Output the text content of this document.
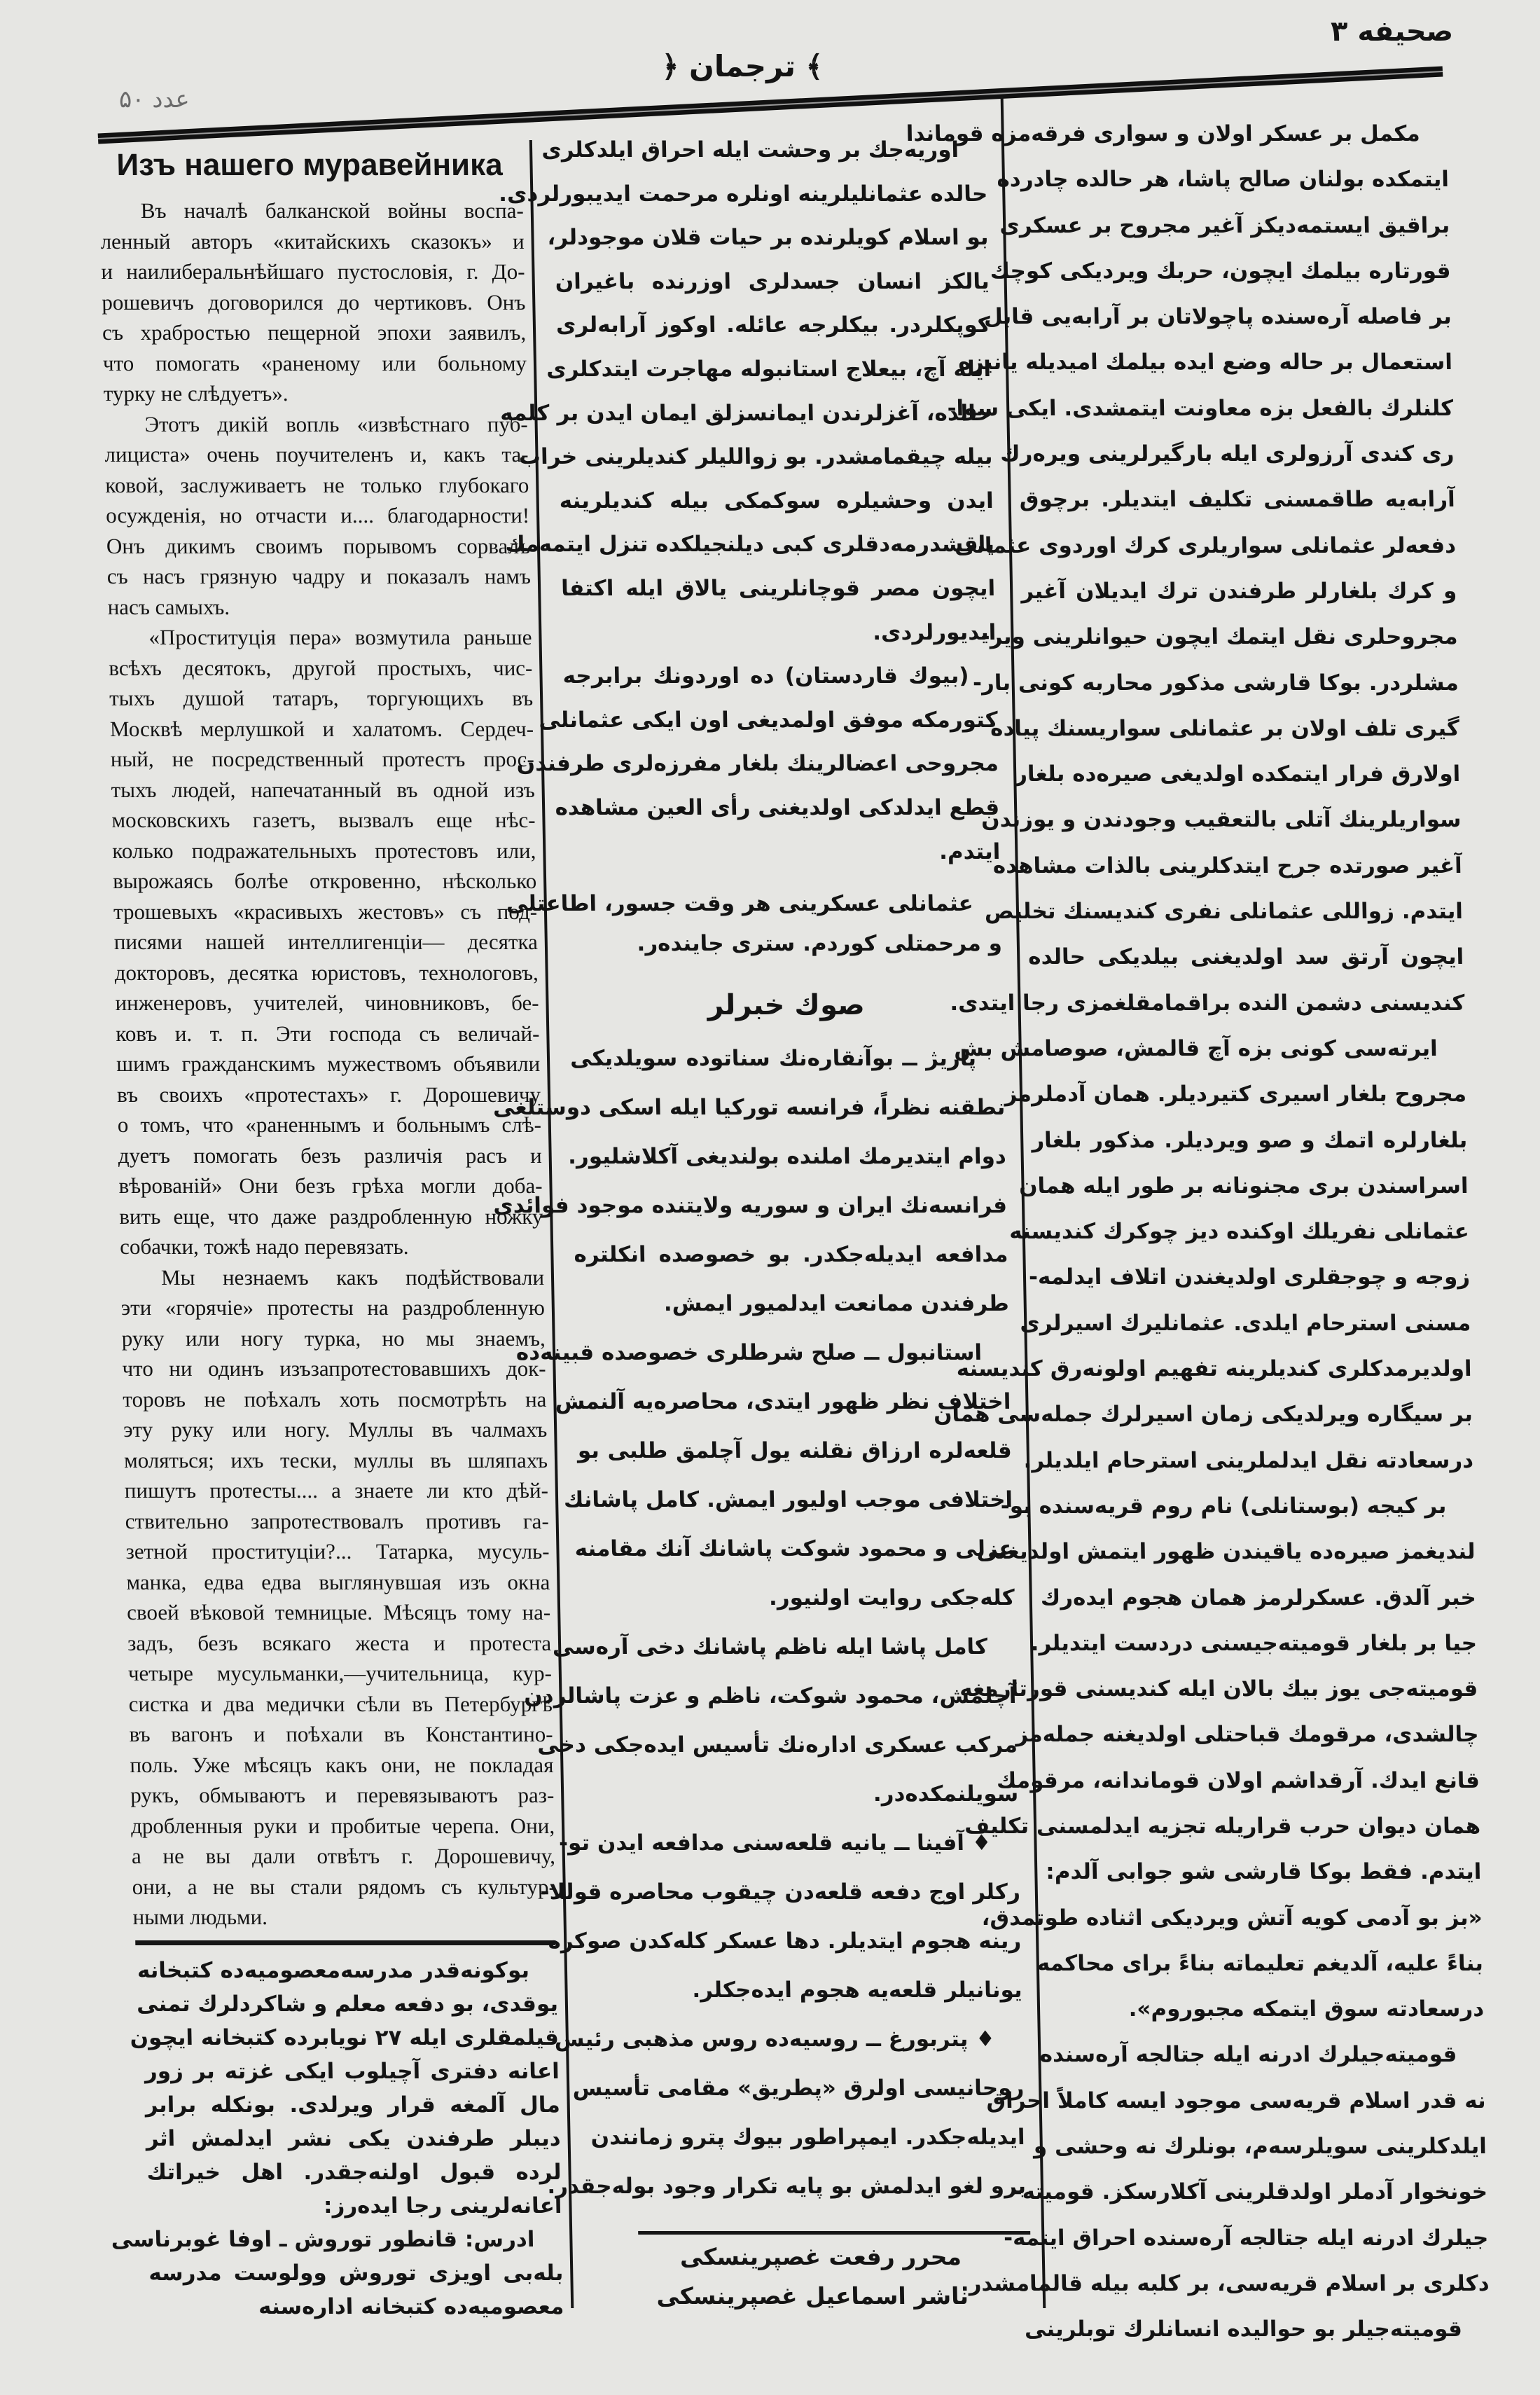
صحیفه ۳
﴾ ترجمان ﴿
عدد ۵۰
Изъ нашего муравейника
Въ началѣ балканской войны воспа-
ленный авторъ «китайскихъ сказокъ» и
и наилиберальнѣйшаго пустословія, г. До-
рошевичъ договорился до чертиковъ. Онъ
съ храбростью пещерной эпохи заявилъ,
что помогать «раненому или больному
турку не слѣдуетъ».
Этотъ дикій вопль «извѣстнаго пуб-
лициста» очень поучителенъ и, какъ та-
ковой, заслуживаетъ не только глубокаго
осужденія, но отчасти и.... благодарности!
Онъ дикимъ своимъ порывомъ сорвалъ
съ насъ грязную чадру и показалъ намъ
насъ самыхъ.
«Проституція пера» возмутила раньше
всѣхъ десятокъ, другой простыхъ, чис-
тыхъ душой татаръ, торгующихъ въ
Москвѣ мерлушкой и халатомъ. Сердеч-
ный, не посредственный протестъ прос-
тыхъ людей, напечатанный въ одной изъ
московскихъ газетъ, вызвалъ еще нѣс-
колько подражательныхъ протестовъ или,
вырожаясь болѣе откровенно, нѣсколько
трошевыхъ «красивыхъ жестовъ» съ под-
писями нашей интеллигенціи— десятка
докторовъ, десятка юристовъ, технологовъ,
инженеровъ, учителей, чиновниковъ, бе-
ковъ и. т. п. Эти господа съ величай-
шимъ гражданскимъ мужествомъ объявили
въ своихъ «протестахъ» г. Дорошевичу
о томъ, что «раненнымъ и больнымъ слѣ-
дуетъ помогать безъ различія расъ и
вѣрованій» Они безъ грѣха могли доба-
вить еще, что даже раздробленную ножку
собачки, тожѣ надо перевязать.
Мы незнаемъ какъ подѣйствовали
эти «горячіе» протесты на раздробленную
руку или ногу турка, но мы знаемъ,
что ни одинъ изъзапротестовавшихъ док-
торовъ не поѣхалъ хоть посмотрѣть на
эту руку или ногу. Муллы въ чалмахъ
моляться; ихъ тески, муллы въ шляпахъ
пишутъ протесты.... а знаете ли кто дѣй-
ствительно запротествовалъ противъ га-
зетной проституціи?... Татарка, мусуль-
манка, едва едва выглянувшая изъ окна
своей вѣковой темницые. Мѣсяцъ тому на-
задъ, безъ всякаго жеста и протеста
четыре мусульманки,—учительница, кур-
систка и два медички сѣли въ Петербургѣ
въ вагонъ и поѣхали въ Константино-
поль. Уже мѣсяцъ какъ они, не покладая
рукъ, обмываютъ и перевязываютъ раз-
дробленныя руки и пробитые черепа. Они,
а не вы дали отвѣтъ г. Дорошевичу,
они, а не вы стали рядомъ съ культур-
ными людьми.
بوكونه‌قدر مدرسه‌معصومیه‌ده كتبخانه
یوقدی، بو دفعه معلم و شاكردلرك تمنی
قیلمقلری ایله ۲۷ نویابرده كتبخانه ایچون
اعانه دفتری آچیلوب ایكی غزته بر زور
مال آلمغه قرار ویرلدی. بونكله برابر
دیبلر طرفندن یكی نشر ایدلمش اثر
لرده قبول اولنه‌جقدر. اهل خیراتك
اعانه‌لرینی رجا ایده‌رز:
ادرس: قانطور توروش ـ اوفا غوبرناسی
بله‌بی اویزی توروش وولوست مدرسه
معصومیه‌ده كتبخانه اداره‌سنه
اوریه‌جك بر وحشت ایله احراق ایلدكلری
حالده عثمانلیلرینه اونلره مرحمت ایدیبورلردی.
بو اسلام كویلرنده بر حیات قلان موجودلر،
یالكز انسان جسدلری اوزرنده باغیران
كوپكلردر. بیكلرجه عائله. اوكوز آرابه‌لری
ایله آچ، بیعلاج استانبوله مهاجرت ایتدكلری
حالده، آغزلرندن ایمانسزلق ایمان ایدن بر كلمه
بیله چیقمامشدر. بو زواللیلر كندیلرینی خراب
ایدن وحشیلره سوكمكی بیله كندیلرینه
یاقشدرمه‌دقلری كبی دیلنجیلكده تنزل ایتمه‌مك
ایچون مصر قوچانلرینی یالاق ایله اكتفا
ایدیورلردی.
(بیوك قاردستان) ده اوردونك برابرجه
كتورمكه موفق اولمدیغی اون ایكی عثمانلی
مجروحی اعضالرینك بلغار مفرزه‌لری طرفندن
قطع ایدلدكی اولدیغنی رأی العین مشاهده
ایتدم.
عثمانلی عسكرینی هر وقت جسور، اطاعتلی
و مرحمتلی كوردم. ستری جاینده‌ر.
صوك خبرلر
پاریژ ــ بوآنقاره‌نك سناتوده سویلدیكی
نطقنه نظراً، فرانسه توركیا ایله اسكی دوستلغی
دوام ایتدیرمك املنده بولندیغی آكلاشلیور.
فرانسه‌نك ایران و سوریه ولایتنده موجود فوائدی
مدافعه ایدیله‌جكدر. بو خصوصده انكلتره
طرفندن ممانعت ایدلمیور ایمش.
استانبول ــ صلح شرطلری خصوصده قبینه‌ده
اختلاف نظر ظهور ایتدی، محاصره‌یه آلنمش
قلعه‌لره ارزاق نقلنه یول آچلمق طلبی بو
اختلافی موجب اولیور ایمش. كامل پاشانك
عزلی و محمود شوكت پاشانك آنك مقامنه
كله‌جكی روایت اولنیور.
كامل پاشا ایله ناظم پاشانك دخی آره‌سی
آچلمش، محمود شوكت، ناظم و عزت پاشالردن
مركب عسكری اداره‌نك تأسیس ایده‌جكی دخی
سویلنمكده‌در.
♦ آفینا ــ یانیه قلعه‌سنی مدافعه ایدن تو-
ركلر اوج دفعه قلعه‌دن چیقوب محاصره قوللا-
رینه هجوم ایتدیلر. دها عسكر كله‌كدن صوكره
یونانیلر قلعه‌یه هجوم ایده‌جكلر.
♦ پتربورغ ــ روسیه‌ده روس مذهبی رئیس
روحانیسی اولرق «پطریق» مقامی تأسیس
ایدیله‌جكدر. ایمپراطور بیوك پترو زمانندن
برو لغو ایدلمش بو پایه تكرار وجود بوله‌جقدر.
محرر رفعت غصپرینسكی
ناشر اسماعیل غصپرینسكی
مكمل بر عسكر اولان و سواری فرقه‌مزه قوماندا
ایتمكده بولنان صالح پاشا، هر حالده چادرده
براقیق ایستمه‌دیكز آغیر مجروح بر عسكری
قورتاره بیلمك ایچون، حربك ویردیكی كوچك
بر فاصله آره‌سنده پاچولاتان بر آرابه‌یی قابل
استعمال بر حاله وضع ایده بیلمك امیدیله یانیزه
كلنلرك بالفعل بزه معاونت ایتمشدی. ایكی سوا-
ری كندی آرزولری ایله بارگیرلرینی ویره‌رك
آرابه‌یه طاقمسنی تكلیف ایتدیلر. برچوق
دفعه‌لر عثمانلی سواریلری كرك اوردوی عثمانی
و كرك بلغارلر طرفندن ترك ایدیلان آغیر
مجروحلری نقل ایتمك ایچون حیوانلرینی ویر-
مشلردر. بوكا قارشی مذكور محاربه كونی بار-
گیری تلف اولان بر عثمانلی سواریسنك پیاده
اولارق فرار ایتمكده اولدیغی صیره‌ده بلغار
سواریلرینك آتلی بالتعقیب وجودندن و یوزندن
آغیر صورتده جرح ایتدكلرینی بالذات مشاهده
ایتدم. زواللی عثمانلی نفری كندیسنك تخلیص
ایچون آرتق سد اولدیغنی بیلدیكی حالده
كندیسنی دشمن النده براقمامقلغمزی رجا ایتدی.
ایرته‌سی كونی بزه آچ قالمش، صوصامش بش
مجروح بلغار اسیری كتیردیلر. همان آدملرمز
بلغارلره اتمك و صو ویردیلر. مذكور بلغار
اسراسندن بری مجنونانه بر طور ایله همان
عثمانلی نفریلك اوكنده دیز چوكرك كندیسنه
زوجه و چوجقلری اولدیغندن اتلاف ایدلمه-
مسنی استرحام ایلدی. عثمانلیرك اسیرلری
اولدیرمدكلری كندیلرینه تفهیم اولونه‌رق كندیسنه
بر سیگاره ویرلدیكی زمان اسیرلرك جمله‌سی همان
درسعادته نقل ایدلملرینی استرحام ایلدیلر.
بر كیجه (بوستانلی) نام روم قریه‌سنده بو-
لندیغمز صیره‌ده یاقیندن ظهور ایتمش اولدیغنی
خبر آلدق. عسكرلرمز همان هجوم ایده‌رك
جیا بر بلغار قومیته‌جیسنی دردست ایتدیلر.
قومیته‌جی یوز بیك بالان ایله كندیسنی قورتارمغه
چالشدی، مرقومك قباحتلی اولدیغنه جمله‌مز
قانع ایدك. آرقداشم اولان قوماندانه، مرقومك
همان دیوان حرب قراریله تجزیه ایدلمسنی تكلیف
ایتدم. فقط بوكا قارشی شو جوابی آلدم:
«بز بو آدمی كویه آتش ویردیكی اثناده طوتمدق،
بناءً علیه، آلدیغم تعلیماته بناءً برای محاكمه
درسعادته سوق ایتمكه مجبوروم».
قومیته‌جیلرك ادرنه ایله جتالجه آره‌سنده
نه قدر اسلام قریه‌سی موجود ایسه كاملاً احراق
ایلدكلرینی سویلرسه‌م، بونلرك نه وحشی و
خونخوار آدملر اولدقلرینی آكلارسكز. قومیته-
جیلرك ادرنه ایله جتالجه آره‌سنده احراق ایتمه-
دكلری بر اسلام قریه‌سی، بر كلبه بیله قالمامشدر.
قومیته‌جیلر بو حوالیده انسانلرك توبلرینی
